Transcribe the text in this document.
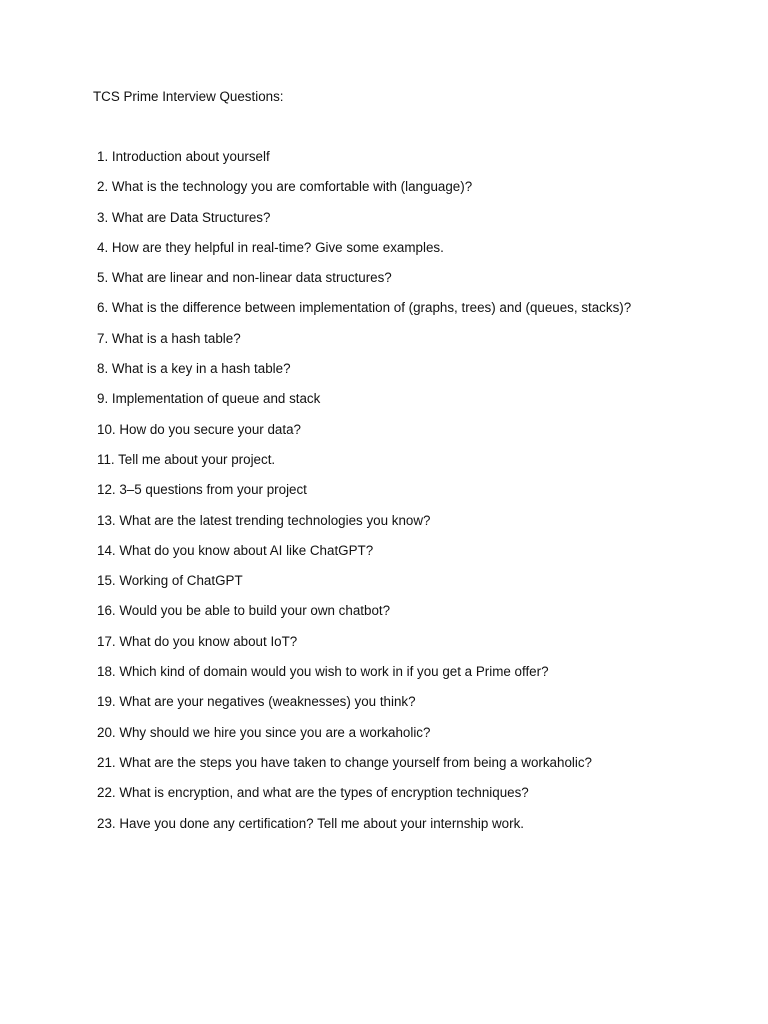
TCS Prime Interview Questions:

1. Introduction about yourself
2. What is the technology you are comfortable with (language)?
3. What are Data Structures?
4. How are they helpful in real-time? Give some examples.
5. What are linear and non-linear data structures?
6. What is the difference between implementation of (graphs, trees) and (queues, stacks)?
7. What is a hash table?
8. What is a key in a hash table?
9. Implementation of queue and stack
10. How do you secure your data?
11. Tell me about your project.
12. 3–5 questions from your project
13. What are the latest trending technologies you know?
14. What do you know about AI like ChatGPT?
15. Working of ChatGPT
16. Would you be able to build your own chatbot?
17. What do you know about IoT?
18. Which kind of domain would you wish to work in if you get a Prime offer?
19. What are your negatives (weaknesses) you think?
20. Why should we hire you since you are a workaholic?
21. What are the steps you have taken to change yourself from being a workaholic?
22. What is encryption, and what are the types of encryption techniques?
23. Have you done any certification? Tell me about your internship work.
